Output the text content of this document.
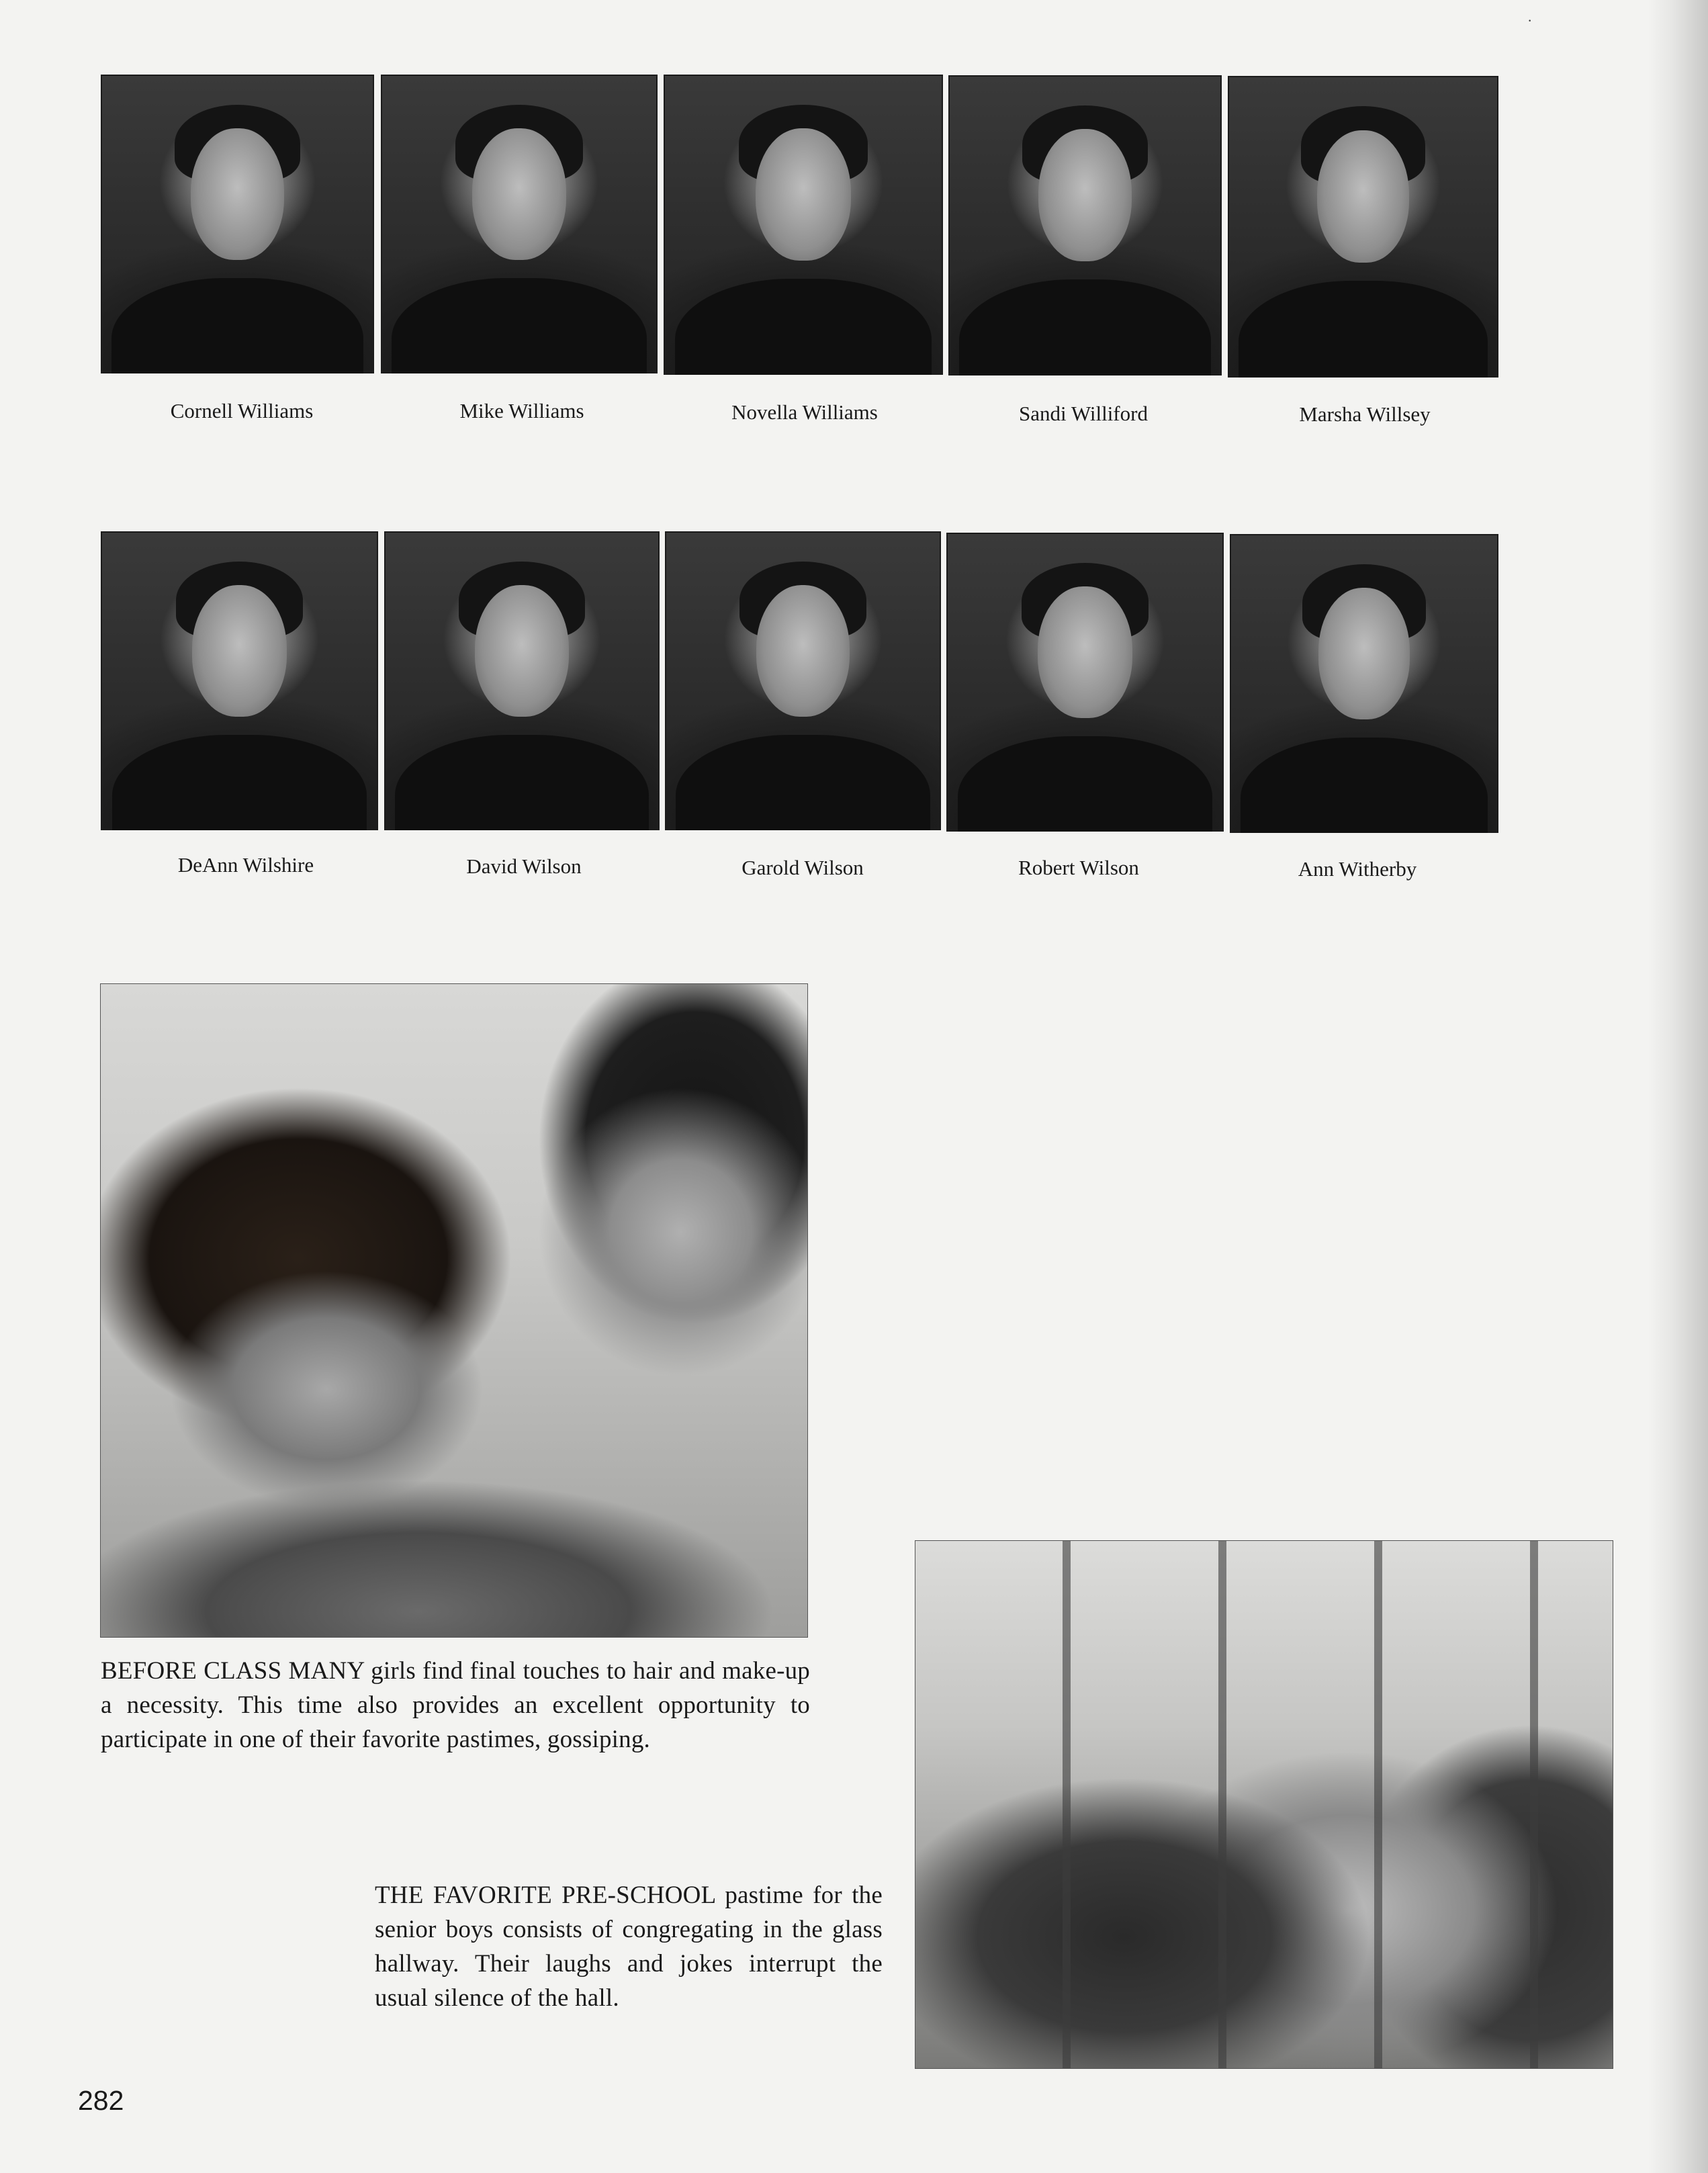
·
Cornell Williams	Mike Williams	Novella Williams	Sandi Williford	Marsha Willsey
DeAnn Wilshire	David Wilson	Garold Wilson	Robert Wilson	Ann Witherby
BEFORE CLASS MANY girls find final touches to hair and make-up a necessity. This time also provides an excellent opportunity to participate in one of their favorite pastimes, gossiping.
THE FAVORITE PRE-SCHOOL pastime for the senior boys consists of congregating in the glass hallway. Their laughs and jokes interrupt the usual silence of the hall.
282
